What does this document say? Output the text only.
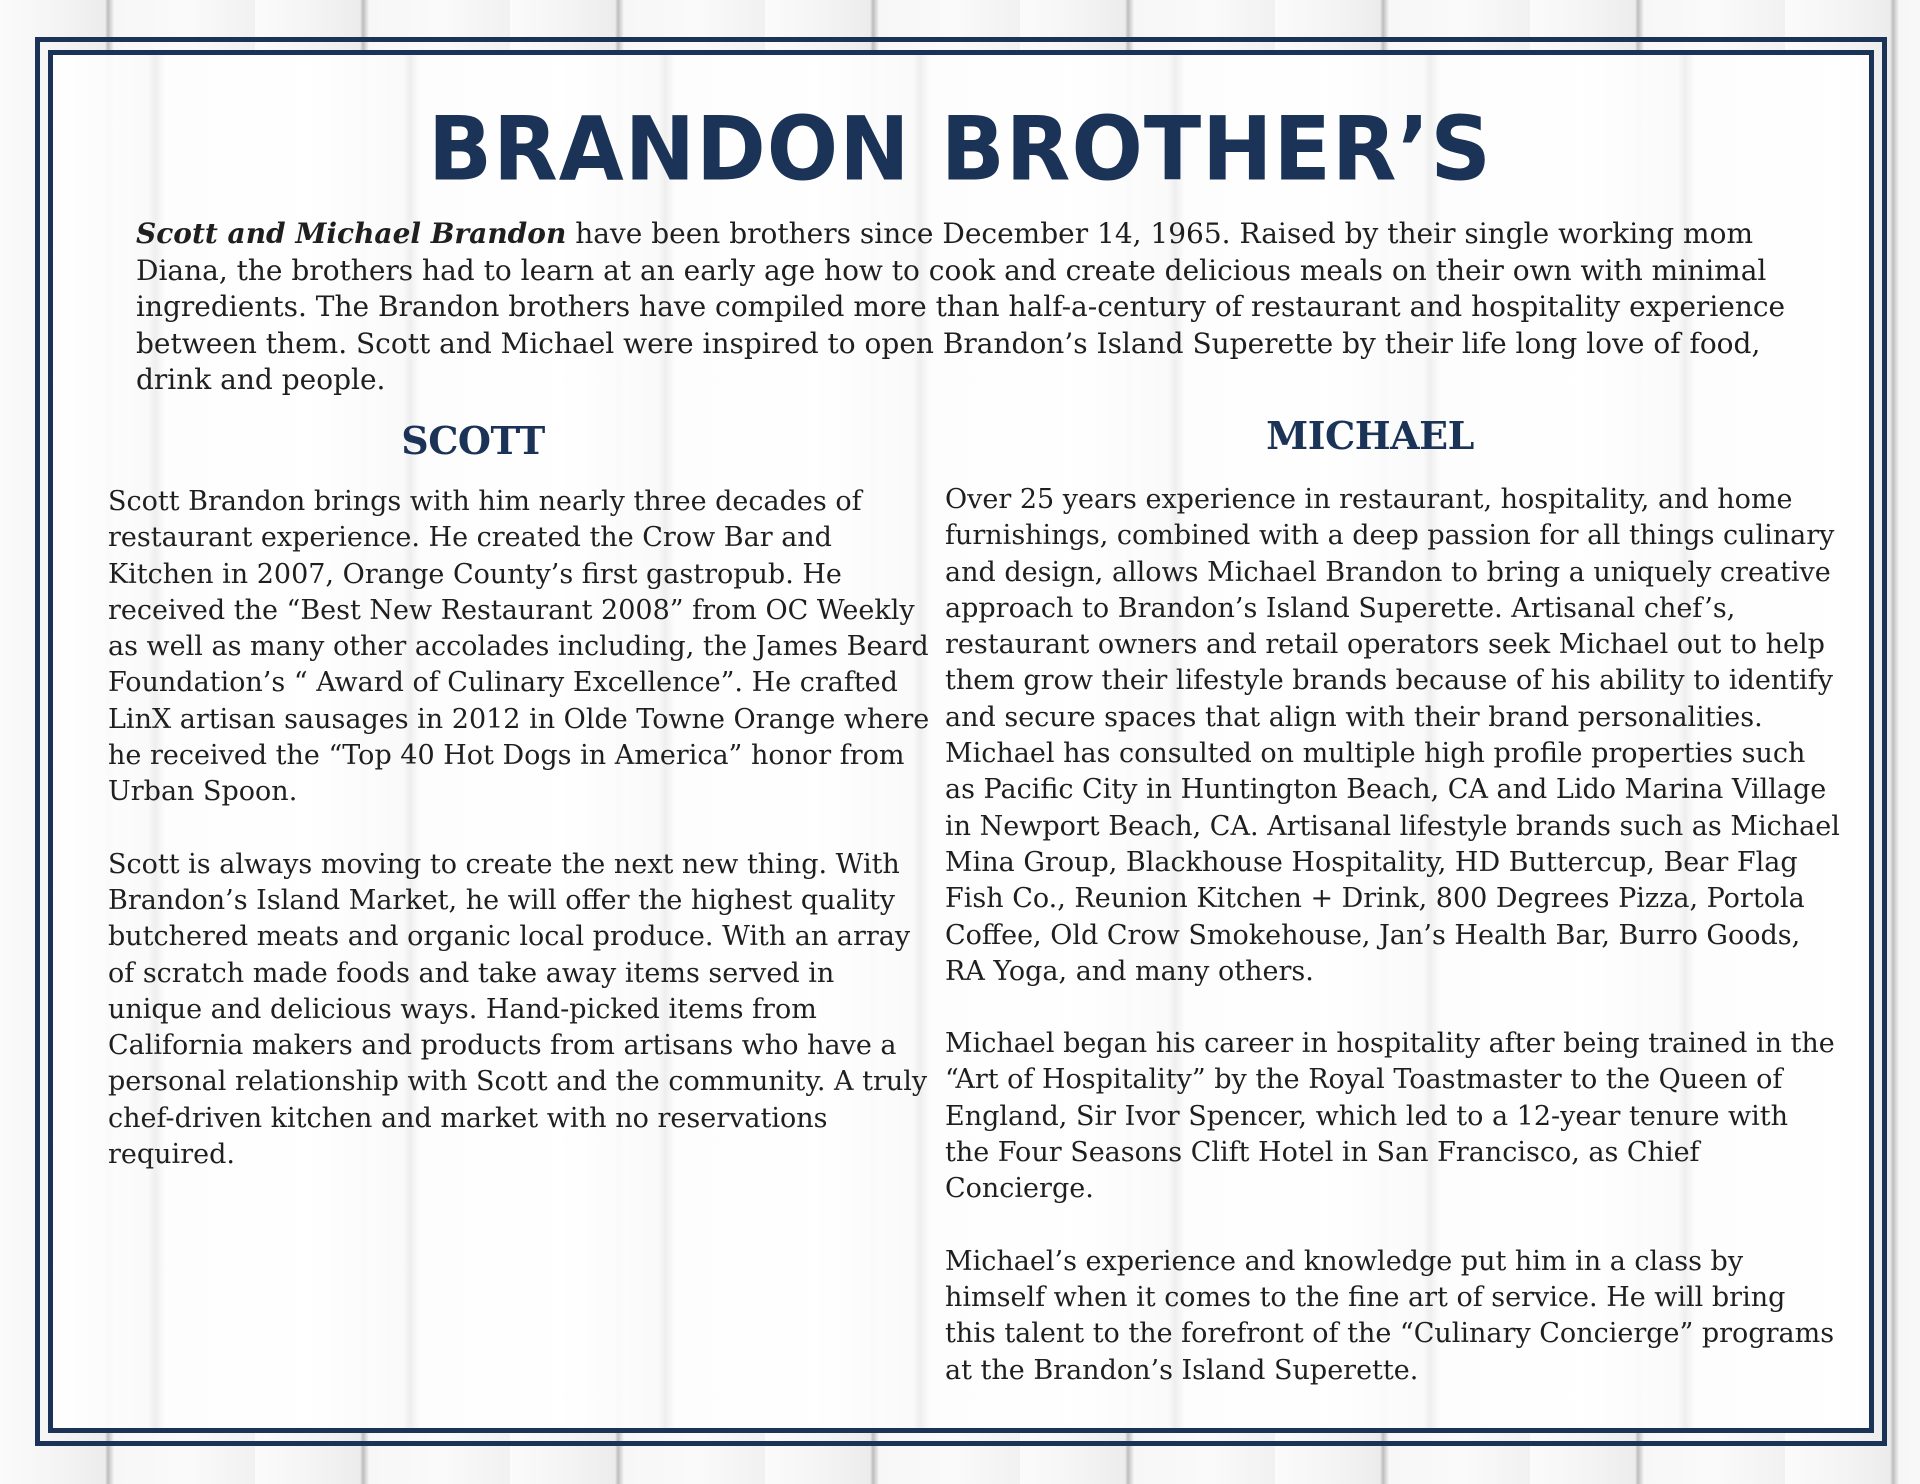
BRANDON BROTHER’S
Scott and Michael Brandon have been brothers since December 14, 1965. Raised by their single working mom Diana, the brothers had to learn at an early age how to cook and create delicious meals on their own with minimal ingredients. The Brandon brothers have compiled more than half-a-century of restaurant and hospitality experience between them. Scott and Michael were inspired to open Brandon’s Island Superette by their life long love of food, drink and people.
SCOTT	MICHAEL

Scott Brandon brings with him nearly three decades of restaurant experience. He created the Crow Bar and Kitchen in 2007, Orange County’s first gastropub. He received the “Best New Restaurant 2008” from OC Weekly as well as many other accolades including, the James Beard Foundation’s “ Award of Culinary Excellence”. He crafted LinX artisan sausages in 2012 in Olde Towne Orange where he received the “Top 40 Hot Dogs in America” honor from Urban Spoon.

Scott is always moving to create the next new thing. With Brandon’s Island Market, he will offer the highest quality butchered meats and organic local produce. With an array of scratch made foods and take away items served in unique and delicious ways. Hand-picked items from California makers and products from artisans who have a personal relationship with Scott and the community. A truly chef-driven kitchen and market with no reservations required.

Over 25 years experience in restaurant, hospitality, and home furnishings, combined with a deep passion for all things culinary and design, allows Michael Brandon to bring a uniquely creative approach to Brandon’s Island Superette. Artisanal chef’s, restaurant owners and retail operators seek Michael out to help them grow their lifestyle brands because of his ability to identify and secure spaces that align with their brand personalities. Michael has consulted on multiple high profile properties such as Pacific City in Huntington Beach, CA and Lido Marina Village in Newport Beach, CA. Artisanal lifestyle brands such as Michael Mina Group, Blackhouse Hospitality, HD Buttercup, Bear Flag Fish Co., Reunion Kitchen + Drink, 800 Degrees Pizza, Portola Coffee, Old Crow Smokehouse, Jan’s Health Bar, Burro Goods, RA Yoga, and many others.

Michael began his career in hospitality after being trained in the “Art of Hospitality” by the Royal Toastmaster to the Queen of England, Sir Ivor Spencer, which led to a 12-year tenure with the Four Seasons Clift Hotel in San Francisco, as Chief Concierge.

Michael’s experience and knowledge put him in a class by himself when it comes to the fine art of service. He will bring this talent to the forefront of the “Culinary Concierge” programs at the Brandon’s Island Superette.
